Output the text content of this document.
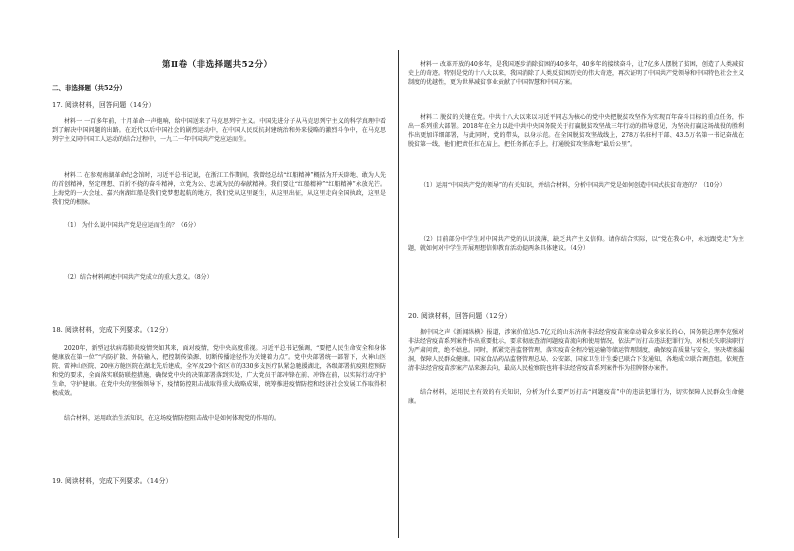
第Ⅱ卷（非选择题共52分）
二、非选择题（共52分）
17. 阅读材料，回答问题（14分）

材料一 一百多年前，十月革命一声炮响，给中国送来了马克思列宁主义。中国先进分子从马克思列宁主义的科学真理中看到了解决中国问题的出路。在近代以后中国社会的剧烈运动中，在中国人民反抗封建统治和外来侵略的激烈斗争中，在马克思列宁主义同中国工人运动的结合过程中，一九二一年中国共产党应运而生。

材料二 在参观南湖革命纪念馆时，习近平总书记说，在浙江工作期间，我曾经总结“红船精神”概括为开天辟地、敢为人先的首创精神，坚定理想、百折不挠的奋斗精神，立党为公、忠诚为民的奉献精神。我们要让“红船精神”“红船精神”永放光芒。上海党的一大会址、嘉兴南湖红船是我们党梦想起航的地方，我们党从这里诞生，从这里出征，从这里走向全国执政，这里是我们党的根脉。

（1） 为什么说中国共产党是应运而生的？（6分）
（2）结合材料阐述中国共产党成立的重大意义。（8分）
18. 阅读材料，完成下列要求。（12分）

2020年，新型冠状病毒肺炎疫情突如其来，面对疫情，党中央高度重视。习近平总书记强调，“要把人民生命安全和身体健康放在第一位”“内防扩散、外防输入，把控制传染源、切断传播途径作为关键着力点”。党中央部署统一部署下，火神山医院、雷神山医院、20座方舱医院在湖北先后建成，全军及29个省区市的330多支医疗队紧急驰援湖北，各级部署抗疫阻控预防和党的要求，全面落实联防联控措施，确保党中央的决策部署落到实处，广大党员干部冲锋在前、冲锋在前，以实际行动守护生命，守护健康。在党中央的坚强领导下，疫情防控阻击战取得重大战略成果，统筹推进疫情防控和经济社会发展工作取得积极成效。

结合材料，运用政治生活知识，在这场疫情防控阻击战中是如何体现党的作用的。

19. 阅读材料，完成下列要求。（14分）

材料一 改革开放的40多年，是我国逐步消除贫困的40多年，40多年的接续奋斗，让7亿多人摆脱了贫困，创造了人类减贫史上的奇迹。特别是党的十八大以来，我国消除了人类反贫困历史的伟大奇迹，再次证明了中国共产党领导和中国特色社会主义制度的优越性，更为世界减贫事业贡献了中国智慧和中国方案。

材料二 脱贫的关键在党。中共十八大以来以习近平同志为核心的党中央把脱贫攻坚作为实现百年奋斗目标的重点任务，作出一系列重大部署。2018年在全力以赴中共中央国务院关于打赢脱贫攻坚战三年行动的指导意见，为坚决打赢这场战役的胜利作出更加详细部署，与此同时，党的带头，以身示范。在全国脱贫攻坚战线上，278万名驻村干部、43.5万名第一书记奋战在脱贫第一线，他们把责任扛在肩上，把任务抓在手上，打通脱贫攻坚落地“最后公里”。

（1）运用“中国共产党的领导”的有关知识，并结合材料，分析中国共产党是如何创造中国式扶贫奇迹的？（10分）

（2）目前部分中学生对中国共产党的认识淡薄，缺乏共产主义信仰。请你结合实际，以“党在我心中，永远跟党走”为主题，就如何对中学生开展理想信仰教育活动提两条具体建议。（4分）

20. 阅读材料，回答问题（12分）

据中国之声《新闻纵横》报道，涉案价值达5.7亿元的山东济南非法经营疫苗案牵动着众多家长的心，国务院总理李克强对非法经营疫苗系列案件作出重要批示，要求彻底查清问题疫苗流向和使用情况，依法严厉打击违法犯罪行为，对相关失职渎职行为严肃问责，绝不姑息。同时，抓紧完善监督管理，落实疫苗全程冷链运输等储运管理制度，确保疫苗质量与安全，坚决堵塞漏洞，保障人民群众健康。国家食品药品监督管理总局、公安部、国家卫生计生委已联合下发通知，各地成立联合调查组，依规查清非法经营疫苗涉案产品来源去向，最高人民检察院也将非法经营疫苗系列案件作为挂牌督办案件。

结合材料，运用民主有效的有关知识，分析为什么要严厉打击“问题疫苗”中的违法犯罪行为，切实保障人民群众生命健康。
